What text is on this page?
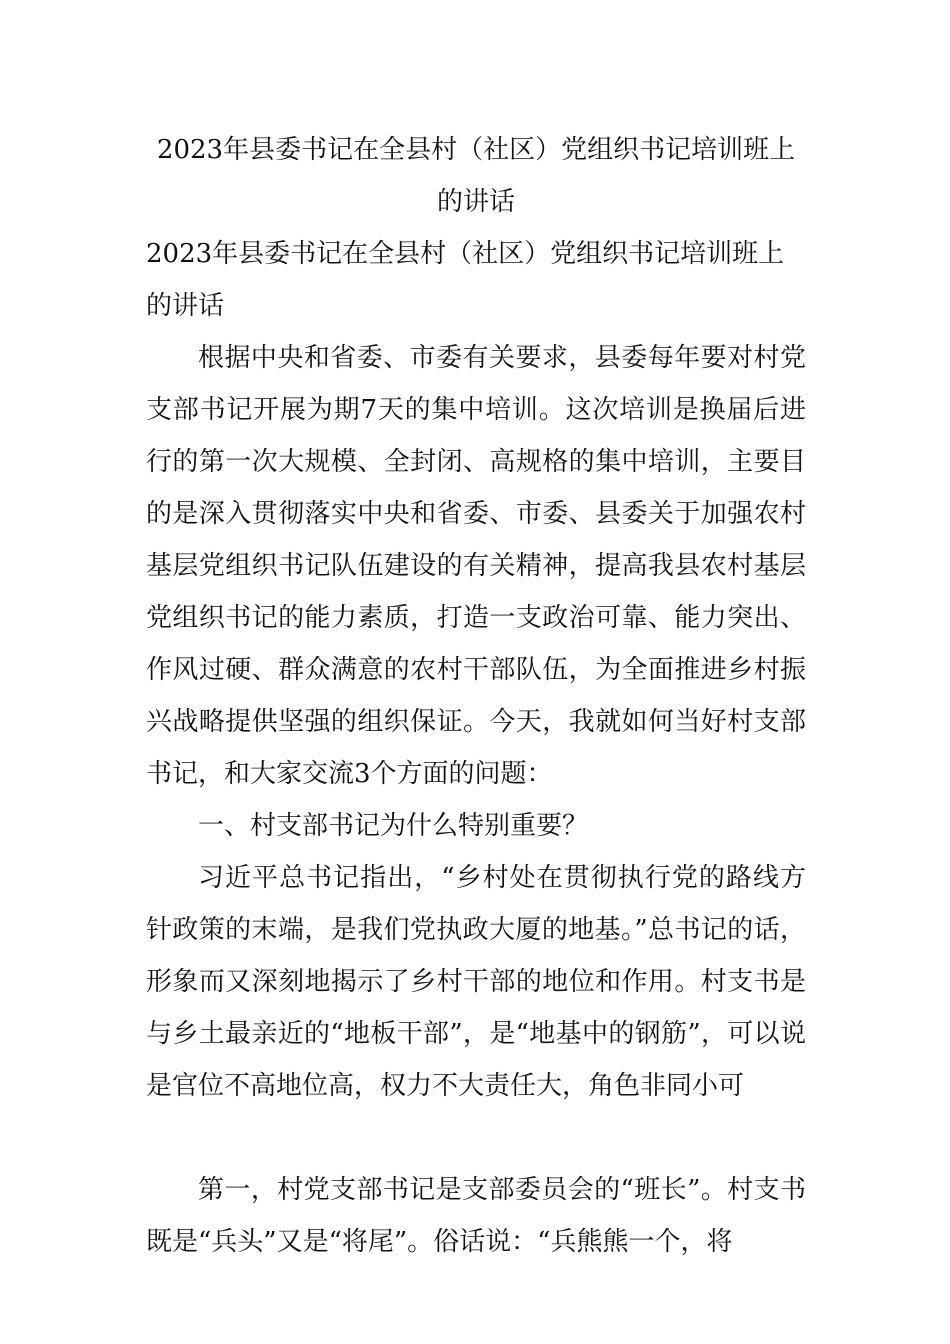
2023年县委书记在全县村（社区）党组织书记培训班上的讲话

2023年县委书记在全县村（社区）党组织书记培训班上的讲话

根据中央和省委、市委有关要求，县委每年要对村党支部书记开展为期7天的集中培训。这次培训是换届后进行的第一次大规模、全封闭、高规格的集中培训，主要目的是深入贯彻落实中央和省委、市委、县委关于加强农村基层党组织书记队伍建设的有关精神，提高我县农村基层党组织书记的能力素质，打造一支政治可靠、能力突出、作风过硬、群众满意的农村干部队伍，为全面推进乡村振兴战略提供坚强的组织保证。今天，我就如何当好村支部书记，和大家交流3个方面的问题：

一、村支部书记为什么特别重要？

习近平总书记指出，“乡村处在贯彻执行党的路线方针政策的末端，是我们党执政大厦的地基。”总书记的话，形象而又深刻地揭示了乡村干部的地位和作用。村支书是与乡土最亲近的“地板干部”，是“地基中的钢筋”，可以说是官位不高地位高，权力不大责任大，角色非同小可

第一，村党支部书记是支部委员会的“班长”。村支书既是“兵头”又是“将尾”。俗话说：“兵熊熊一个，将
